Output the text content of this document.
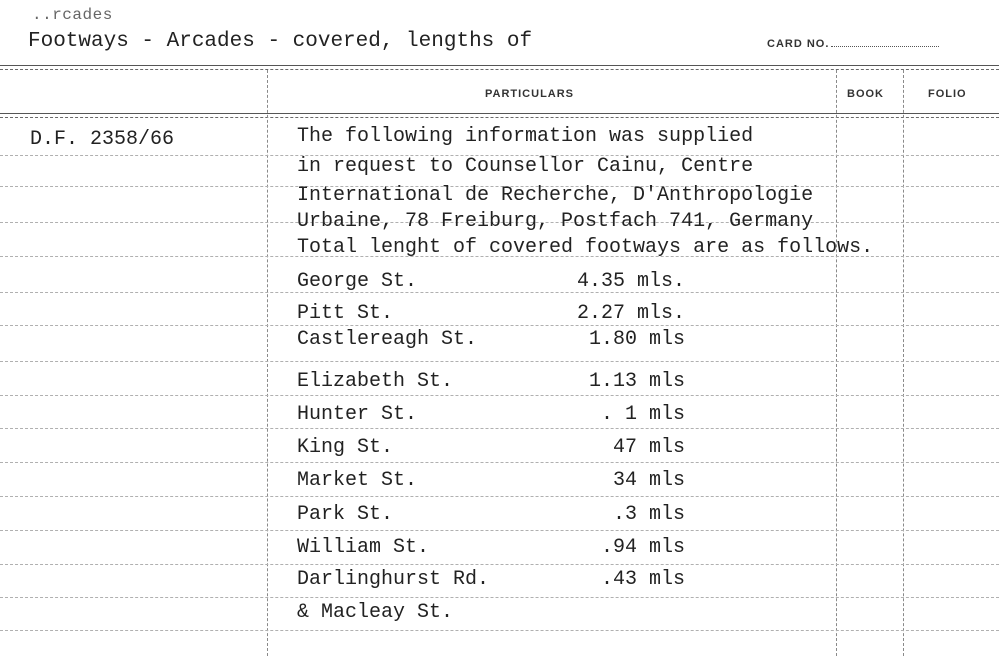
..rcades
Footways - Arcades - covered, lengths of	CARD NO.
PARTICULARS	BOOK	FOLIO
D.F. 2358/66	The following information was supplied
in request to Counsellor Cainu, Centre
International de Recherche, D'Anthropologie
Urbaine, 78 Freiburg, Postfach 741, Germany
Total lenght of covered footways are as follows.
George St.	4.35 mls.
Pitt St.	2.27 mls.
Castlereagh St.	1.80 mls
Elizabeth St.	1.13 mls
Hunter St.	. 1 mls
King St.	47 mls
Market St.	34 mls
Park St.	.3 mls
William St.	.94 mls
Darlinghurst Rd.	.43 mls
& Macleay St.
